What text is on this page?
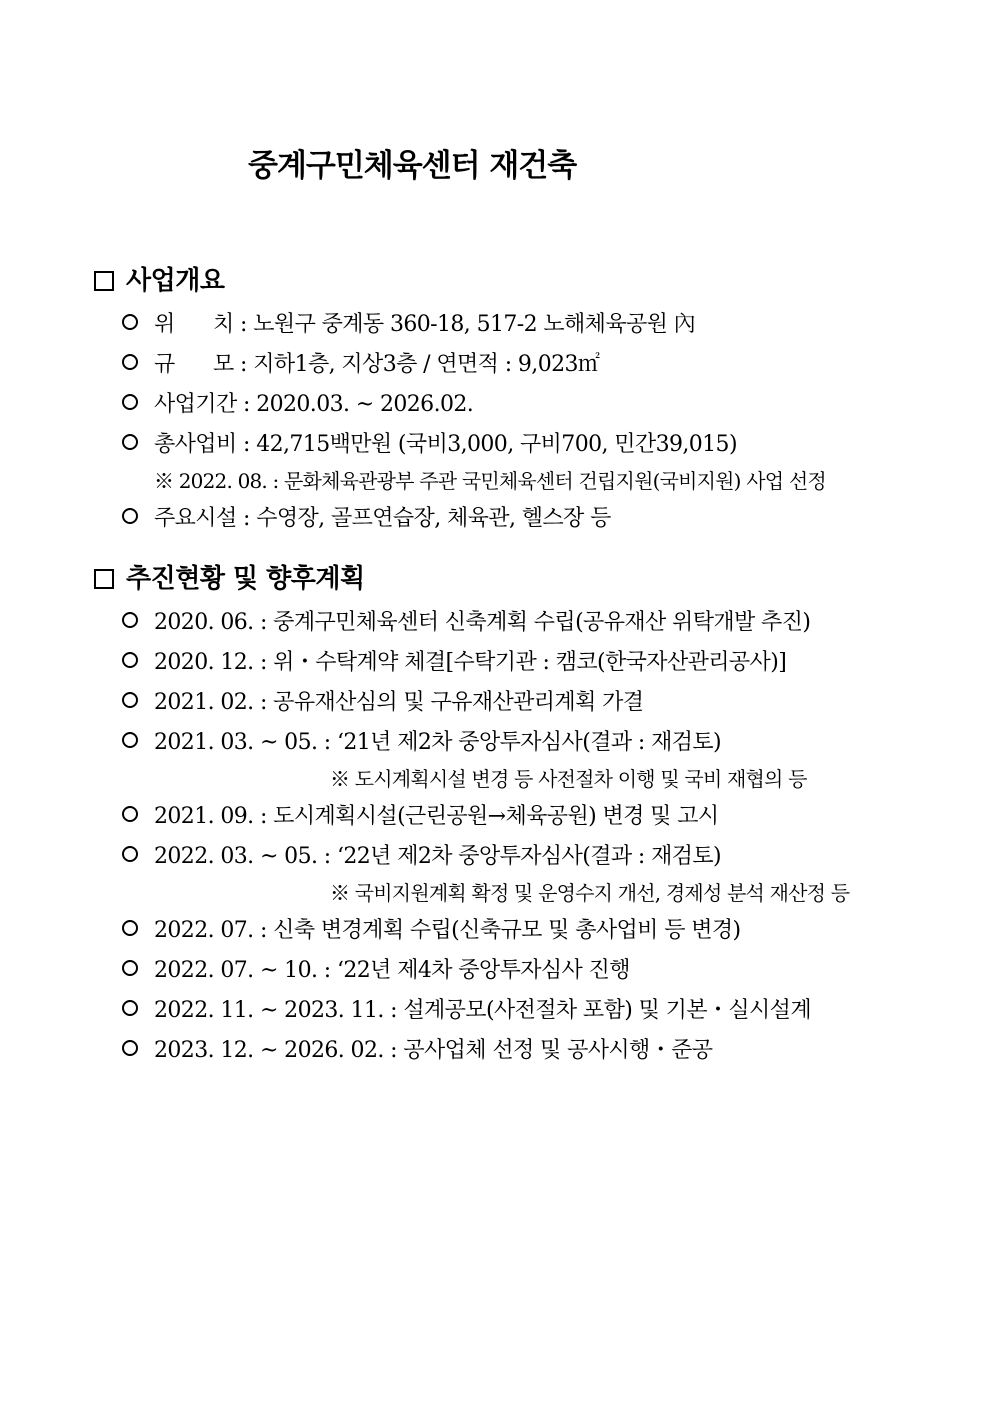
중계구민체육센터 재건축
사업개요
위      치 : 노원구 중계동 360-18, 517-2 노해체육공원 內
규      모 : 지하1층, 지상3층 / 연면적 : 9,023㎡
사업기간 : 2020.03. ~ 2026.02.
총사업비 : 42,715백만원 (국비3,000, 구비700, 민간39,015)
※ 2022. 08. : 문화체육관광부 주관 국민체육센터 건립지원(국비지원) 사업 선정
주요시설 : 수영장, 골프연습장, 체육관, 헬스장 등
추진현황 및 향후계획
2020. 06. : 중계구민체육센터 신축계획 수립(공유재산 위탁개발 추진)
2020. 12. : 위・수탁계약 체결[수탁기관 : 캠코(한국자산관리공사)]
2021. 02. : 공유재산심의 및 구유재산관리계획 가결
2021. 03. ~ 05. : ‘21년 제2차 중앙투자심사(결과 : 재검토)
※ 도시계획시설 변경 등 사전절차 이행 및 국비 재협의 등
2021. 09. : 도시계획시설(근린공원→체육공원) 변경 및 고시
2022. 03. ~ 05. : ‘22년 제2차 중앙투자심사(결과 : 재검토)
※ 국비지원계획 확정 및 운영수지 개선, 경제성 분석 재산정 등
2022. 07. : 신축 변경계획 수립(신축규모 및 총사업비 등 변경)
2022. 07. ~ 10. : ‘22년 제4차 중앙투자심사 진행
2022. 11. ~ 2023. 11. : 설계공모(사전절차 포함) 및 기본・실시설계
2023. 12. ~ 2026. 02. : 공사업체 선정 및 공사시행・준공
